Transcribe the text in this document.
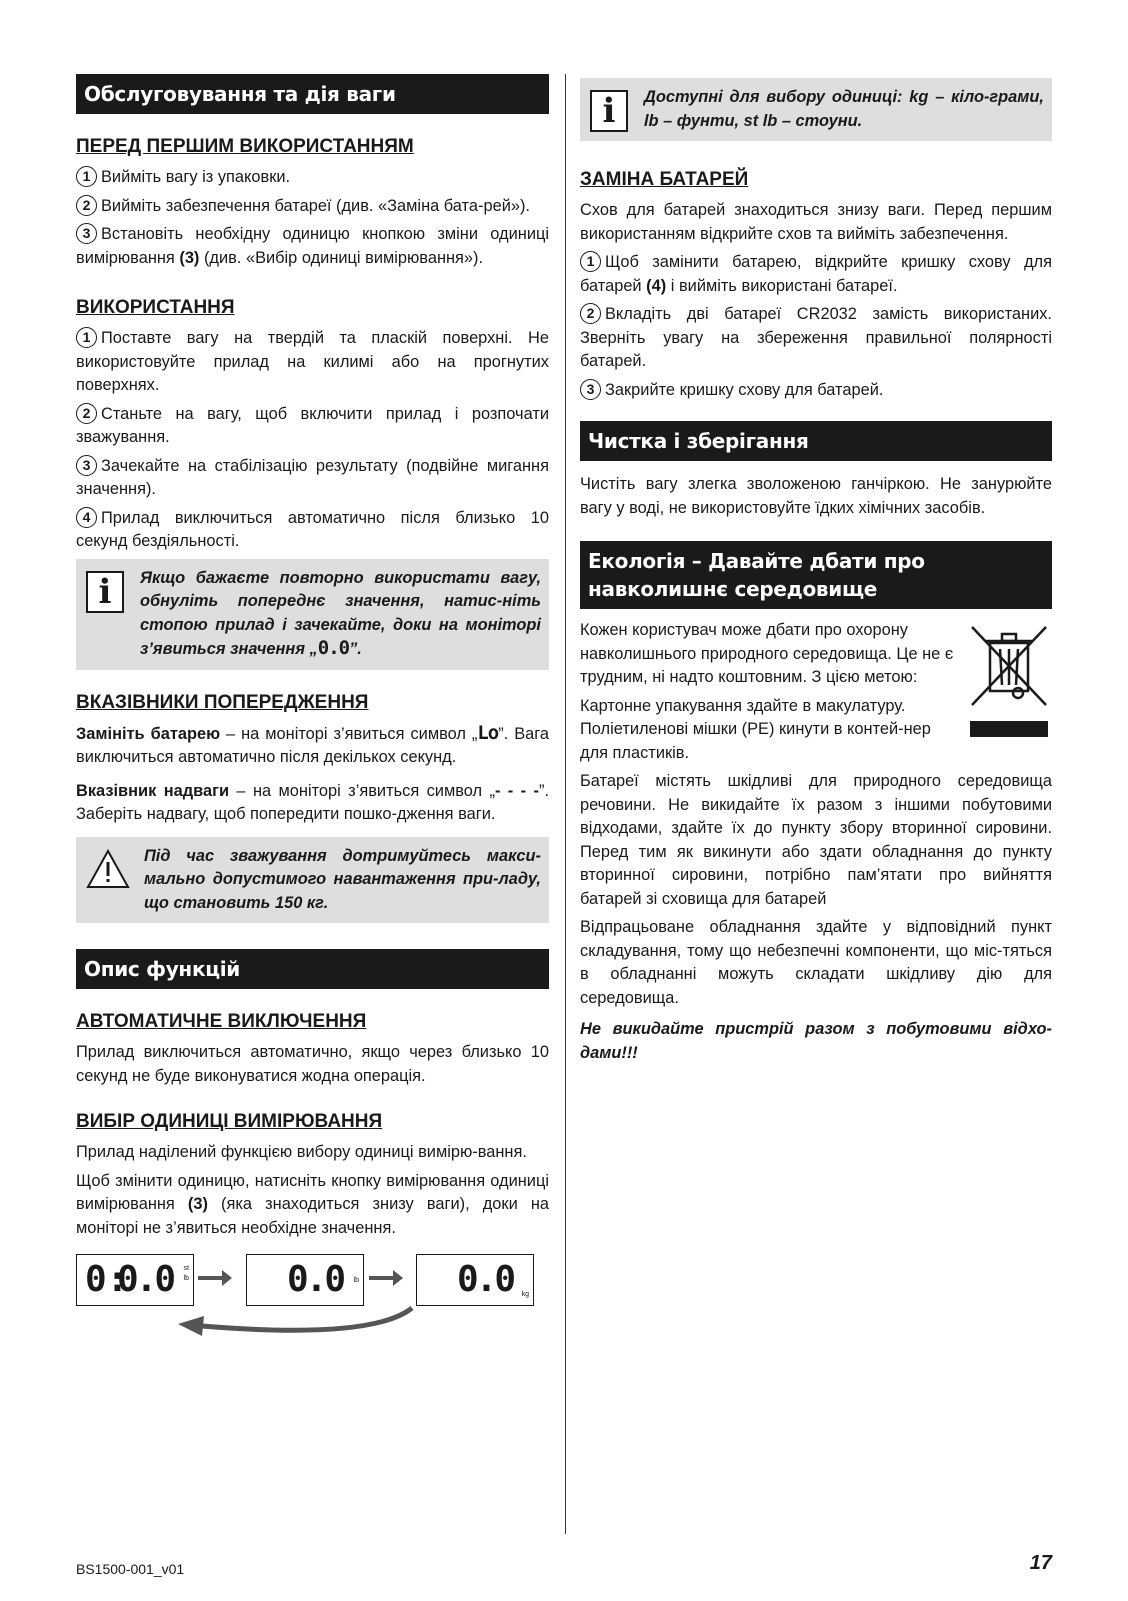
Обслуговування та дія ваги
ПЕРЕД ПЕРШИМ ВИКОРИСТАННЯМ

1 Вийміть вагу із упаковки.

2 Вийміть забезпечення батареї (див. «Заміна бата-рей»).

3 Встановіть необхідну одиницю кнопкою зміни одиниці вимірювання (3) (див. «Вибір одиниці вимірювання»).

ВИКОРИСТАННЯ

1 Поставте вагу на твердій та пласкій поверхні. Не використовуйте прилад на килимі або на прогнутих поверхнях.

2 Станьте на вагу, щоб включити прилад і розпочати зважування.

3 Зачекайте на стабілізацію результату (подвійне мигання значення).

4 Прилад виключиться автоматично після близько 10 секунд бездіяльності.

i	Якщо бажаєте повторно використати вагу, обнуліть попереднє значення, натис-ніть стопою прилад і зачекайте, доки на моніторі з’явиться значення „0.0”.
ВКАЗІВНИКИ ПОПЕРЕДЖЕННЯ

Замініть батарею – на моніторі з’явиться символ „Lo”. Вага виключиться автоматично після декількох секунд.

Вказівник надваги – на моніторі з’явиться символ „- - - -”. Заберіть надвагу, щоб попередити пошко-дження ваги.

Під час зважування дотримуйтесь макси-мально допустимого навантаження при-ладу, що становить 150 кг.
Опис функцій
АВТОМАТИЧНЕ ВИКЛЮЧЕННЯ

Прилад виключиться автоматично, якщо через близько 10 секунд не буде виконуватися жодна операція.

ВИБІР ОДИНИЦІ ВИМІРЮВАННЯ

Прилад наділений функцією вибору одиниці вимірю-вання.

Щоб змінити одиницю, натисніть кнопку вимірювання одиниці вимірювання (3) (яка знаходиться знизу ваги), доки на моніторі не з’явиться необхідне значення.

0:
0.0 st
lb	0.0 lb	0.0 kg
i	Доступні для вибору одиниці: kg – кіло-грами, lb – фунти, st lb – стоуни.
ЗАМІНА БАТАРЕЙ

Схов для батарей знаходиться знизу ваги. Перед першим використанням відкрийте схов та вийміть забезпечення.

1 Щоб замінити батарею, відкрийте кришку схову для батарей (4) і вийміть використані батареї.

2 Вкладіть дві батареї CR2032 замість використаних. Зверніть увагу на збереження правильної полярності батарей.

3 Закрийте кришку схову для батарей.

Чистка і зберігання

Чистіть вагу злегка зволоженою ганчіркою. Не занурюйте вагу у воді, не використовуйте їдких хімічних засобів.

Екологія – Давайте дбати про навколишнє середовище

Кожен користувач може дбати про охорону навколишнього природного середовища. Це не є трудним, ні надто коштовним. З цією метою:

Картонне упакування здайте в макулатуру. Поліетиленові мішки (PE) кинути в контей-нер для пластиків.

Батареї містять шкідливі для природного середовища речовини. Не викидайте їх разом з іншими побутовими відходами, здайте їх до пункту збору вторинної сировини. Перед тим як викинути або здати обладнання до пункту вторинної сировини, потрібно пам’ятати про вийняття батарей зі сховища для батарей

Відпрацьоване обладнання здайте у відповідний пункт складування, тому що небезпечні компоненти, що міс-тяться в обладнанні можуть складати шкідливу дію для середовища.

Не викидайте пристрій разом з побутовими відхо-дами!!!

BS1500-001_v01	17
